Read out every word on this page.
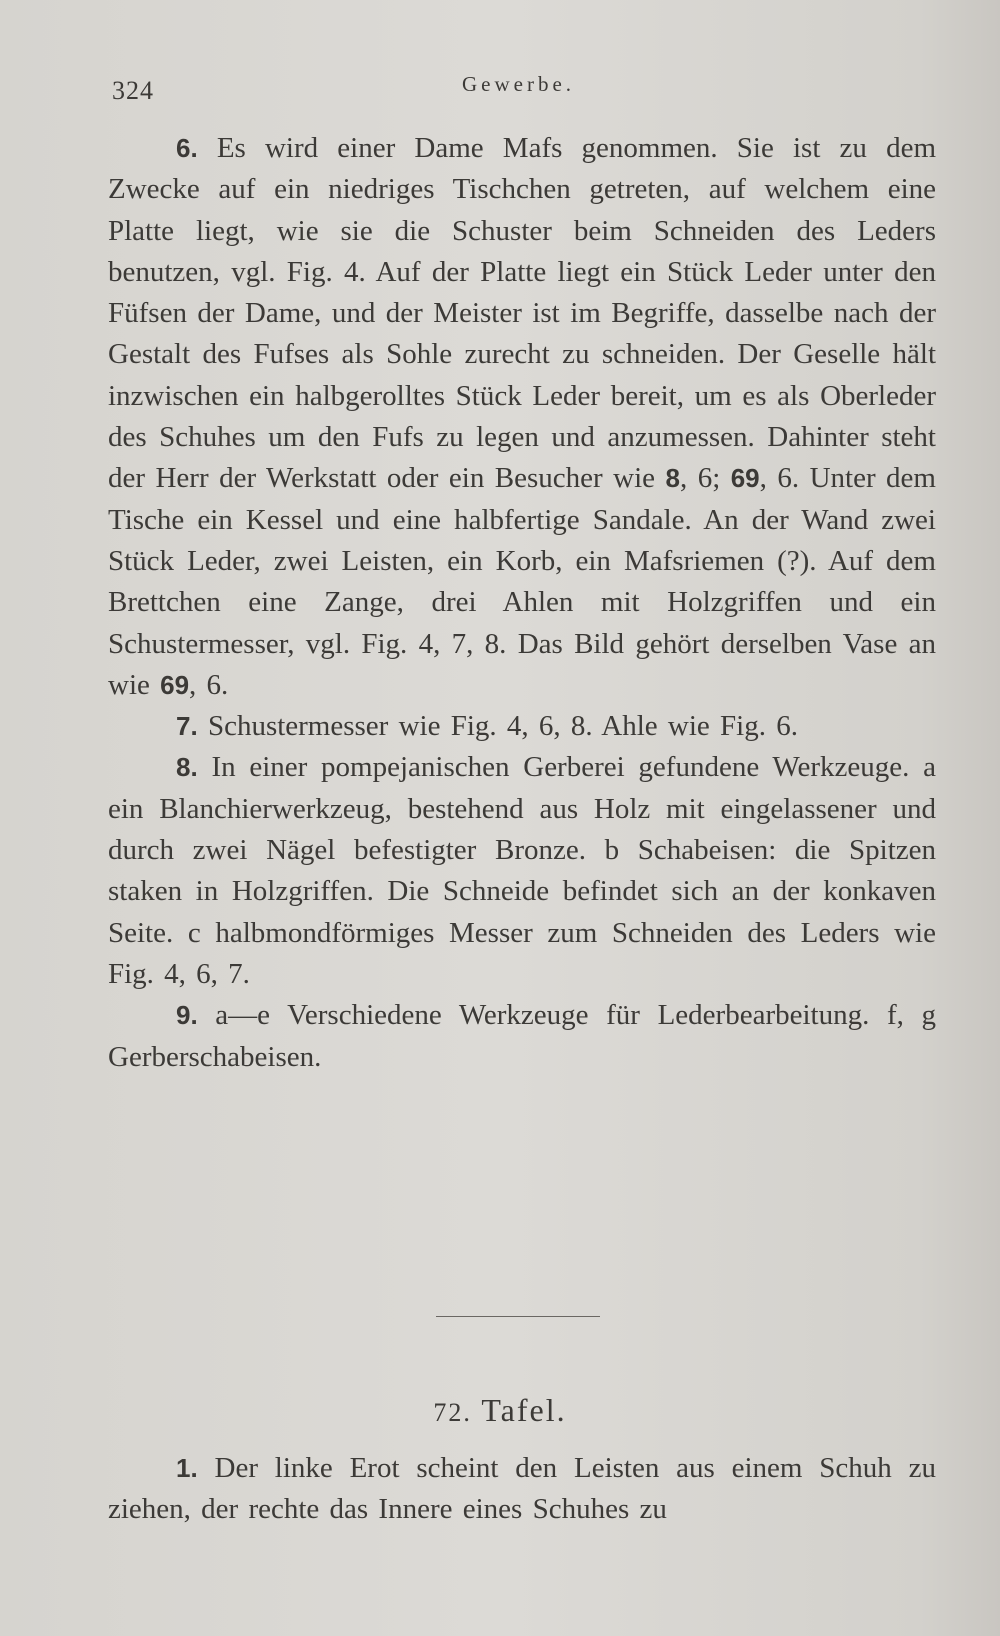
324	Gewerbe.

6. Es wird einer Dame Mafs genommen. Sie ist zu dem Zwecke auf ein niedriges Tischchen getreten, auf welchem eine Platte liegt, wie sie die Schuster beim Schneiden des Leders benutzen, vgl. Fig. 4. Auf der Platte liegt ein Stück Leder unter den Füfsen der Dame, und der Meister ist im Begriffe, dasselbe nach der Gestalt des Fufses als Sohle zurecht zu schneiden. Der Geselle hält inzwischen ein halbgerolltes Stück Leder bereit, um es als Oberleder des Schuhes um den Fufs zu legen und anzumessen. Dahinter steht der Herr der Werkstatt oder ein Besucher wie 8, 6; 69, 6. Unter dem Tische ein Kessel und eine halbfertige Sandale. An der Wand zwei Stück Leder, zwei Leisten, ein Korb, ein Mafsriemen (?). Auf dem Brettchen eine Zange, drei Ahlen mit Holzgriffen und ein Schustermesser, vgl. Fig. 4, 7, 8. Das Bild gehört derselben Vase an wie 69, 6.

7. Schustermesser wie Fig. 4, 6, 8. Ahle wie Fig. 6.

8. In einer pompejanischen Gerberei gefundene Werkzeuge. a ein Blanchierwerkzeug, bestehend aus Holz mit eingelassener und durch zwei Nägel befestigter Bronze. b Schabeisen: die Spitzen staken in Holzgriffen. Die Schneide befindet sich an der konkaven Seite. c halbmondförmiges Messer zum Schneiden des Leders wie Fig. 4, 6, 7.

9. a—e Verschiedene Werkzeuge für Lederbearbeitung. f, g Gerberschabeisen.

72. Tafel.

1. Der linke Erot scheint den Leisten aus einem Schuh zu ziehen, der rechte das Innere eines Schuhes zu
